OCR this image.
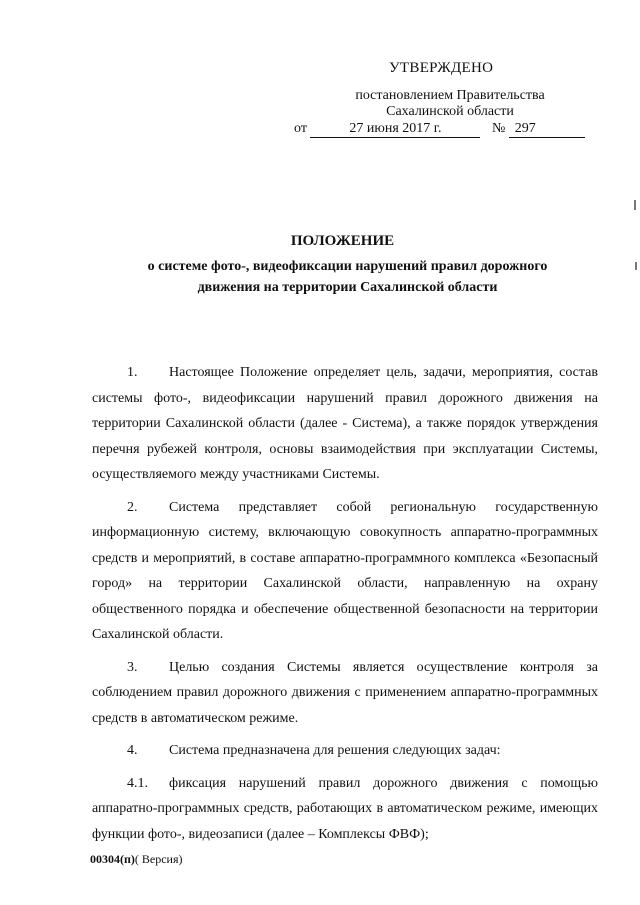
УТВЕРЖДЕНО
постановлением Правительства
Сахалинской области
от	27 июня 2017 г.	№ 297
ПОЛОЖЕНИЕ
о системе фото-, видеофиксации нарушений правил дорожного движения на территории Сахалинской области

1. Настоящее Положение определяет цель, задачи, мероприятия, состав системы фото-, видеофиксации нарушений правил дорожного движения на территории Сахалинской области (далее - Система), а также порядок утверждения перечня рубежей контроля, основы взаимодействия при эксплуатации Системы, осуществляемого между участниками Системы.

2. Система представляет собой региональную государственную информационную систему, включающую совокупность аппаратно-программных средств и мероприятий, в составе аппаратно-программного комплекса «Безопасный город» на территории Сахалинской области, направленную на охрану общественного порядка и обеспечение общественной безопасности на территории Сахалинской области.

3. Целью создания Системы является осуществление контроля за соблюдением правил дорожного движения с применением аппаратно-программных средств в автоматическом режиме.

4. Система предназначена для решения следующих задач:

4.1. фиксация нарушений правил дорожного движения с помощью аппаратно-программных средств, работающих в автоматическом режиме, имеющих функции фото-, видеозаписи (далее – Комплексы ФВФ);

00304(п)( Версия)
